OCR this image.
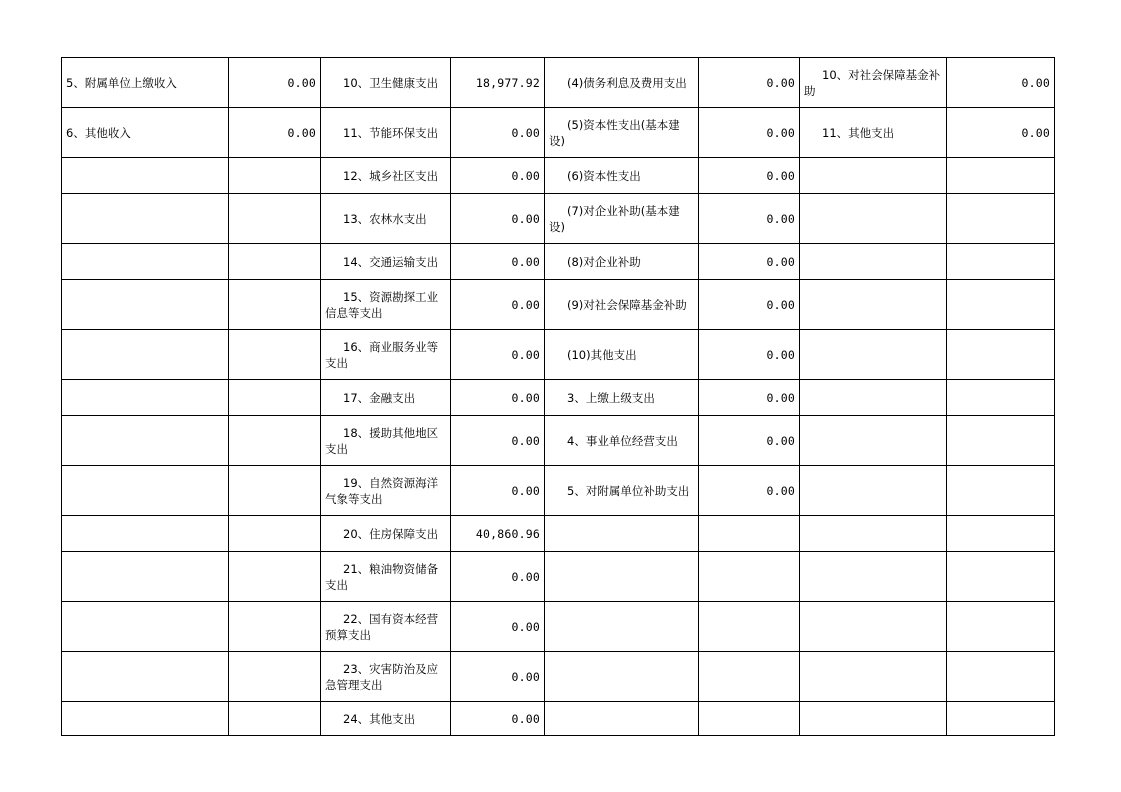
5、附属单位上缴收入	0.00	10、卫生健康支出	18,977.92	(4)债务利息及费用支出	0.00	10、对社会保障基金补助	0.00
6、其他收入	0.00	11、节能环保支出	0.00	(5)资本性支出(基本建设)	0.00	11、其他支出	0.00
		12、城乡社区支出	0.00	(6)资本性支出	0.00		
		13、农林水支出	0.00	(7)对企业补助(基本建设)	0.00		
		14、交通运输支出	0.00	(8)对企业补助	0.00		
		15、资源勘探工业信息等支出	0.00	(9)对社会保障基金补助	0.00		
		16、商业服务业等支出	0.00	(10)其他支出	0.00		
		17、金融支出	0.00	3、上缴上级支出	0.00		
		18、援助其他地区支出	0.00	4、事业单位经营支出	0.00		
		19、自然资源海洋气象等支出	0.00	5、对附属单位补助支出	0.00		
		20、住房保障支出	40,860.96				
		21、粮油物资储备支出	0.00				
		22、国有资本经营预算支出	0.00				
		23、灾害防治及应急管理支出	0.00				
		24、其他支出	0.00				
